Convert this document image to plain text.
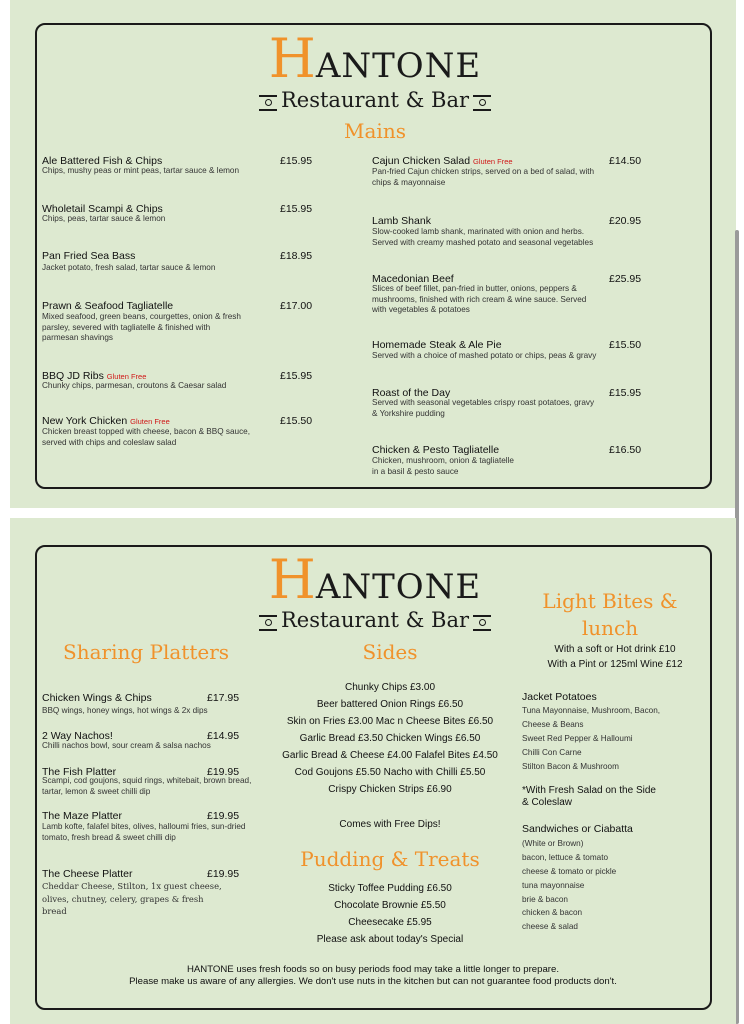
HANTONE
Restaurant & Bar
Mains
Ale Battered Fish & Chips	£15.95
Chips, mushy peas or mint peas, tartar sauce & lemon
Wholetail Scampi & Chips	£15.95
Chips, peas, tartar sauce & lemon
Pan Fried Sea Bass	£18.95
Jacket potato, fresh salad, tartar sauce & lemon
Prawn & Seafood Tagliatelle	£17.00
Mixed seafood, green beans, courgettes, onion & fresh parsley, severed with tagliatelle & finished with parmesan shavings
BBQ JD Ribs Gluten Free	£15.95
Chunky chips, parmesan, croutons & Caesar salad
New York Chicken Gluten Free	£15.50
Chicken breast topped with cheese, bacon & BBQ sauce, served with chips and coleslaw salad
Cajun Chicken Salad Gluten Free	£14.50
Pan-fried Cajun chicken strips, served on a bed of salad, with chips & mayonnaise
Lamb Shank	£20.95
Slow-cooked lamb shank, marinated with onion and herbs. Served with creamy mashed potato and seasonal vegetables
Macedonian Beef	£25.95
Slices of beef fillet, pan-fried in butter, onions, peppers & mushrooms, finished with rich cream & wine sauce. Served with vegetables & potatoes
Homemade Steak & Ale Pie	£15.50
Served with a choice of mashed potato or chips, peas & gravy
Roast of the Day	£15.95
Served with seasonal vegetables crispy roast potatoes, gravy & Yorkshire pudding
Chicken & Pesto Tagliatelle	£16.50
Chicken, mushroom, onion & tagliatelle in a basil & pesto sauce
HANTONE
Restaurant & Bar
Sharing Platters
Chicken Wings & Chips	£17.95
BBQ wings, honey wings, hot wings & 2x dips
2 Way Nachos!	£14.95
Chilli nachos bowl, sour cream & salsa nachos
The Fish Platter	£19.95
Scampi, cod goujons, squid rings, whitebait, brown bread, tartar, lemon & sweet chilli dip
The Maze Platter	£19.95
Lamb kofte, falafel bites, olives, halloumi fries, sun-dried tomato, fresh bread & sweet chilli dip
The Cheese Platter	£19.95
Cheddar Cheese, Stilton, 1x guest cheese, olives, chutney, celery, grapes & fresh bread
Sides
Chunky Chips £3.00
Beer battered Onion Rings £6.50
Skin on Fries £3.00 Mac n Cheese Bites £6.50
Garlic Bread £3.50 Chicken Wings £6.50
Garlic Bread & Cheese £4.00 Falafel Bites £4.50
Cod Goujons £5.50 Nacho with Chilli £5.50
Crispy Chicken Strips £6.90
Comes with Free Dips!
Pudding & Treats
Sticky Toffee Pudding £6.50
Chocolate Brownie £5.50
Cheesecake £5.95
Please ask about today's Special
Light Bites &
lunch
With a soft or Hot drink £10
With a Pint or 125ml Wine £12
Jacket Potatoes
Tuna Mayonnaise, Mushroom, Bacon,
Cheese & Beans
Sweet Red Pepper & Halloumi
Chilli Con Carne
Stilton Bacon & Mushroom
*With Fresh Salad on the Side
& Coleslaw
Sandwiches or Ciabatta
(White or Brown)
bacon, lettuce & tomato
cheese & tomato or pickle
tuna mayonnaise
brie & bacon
chicken & bacon
cheese & salad
HANTONE uses fresh foods so on busy periods food may take a little longer to prepare.
Please make us aware of any allergies. We don't use nuts in the kitchen but can not guarantee food products don't.
